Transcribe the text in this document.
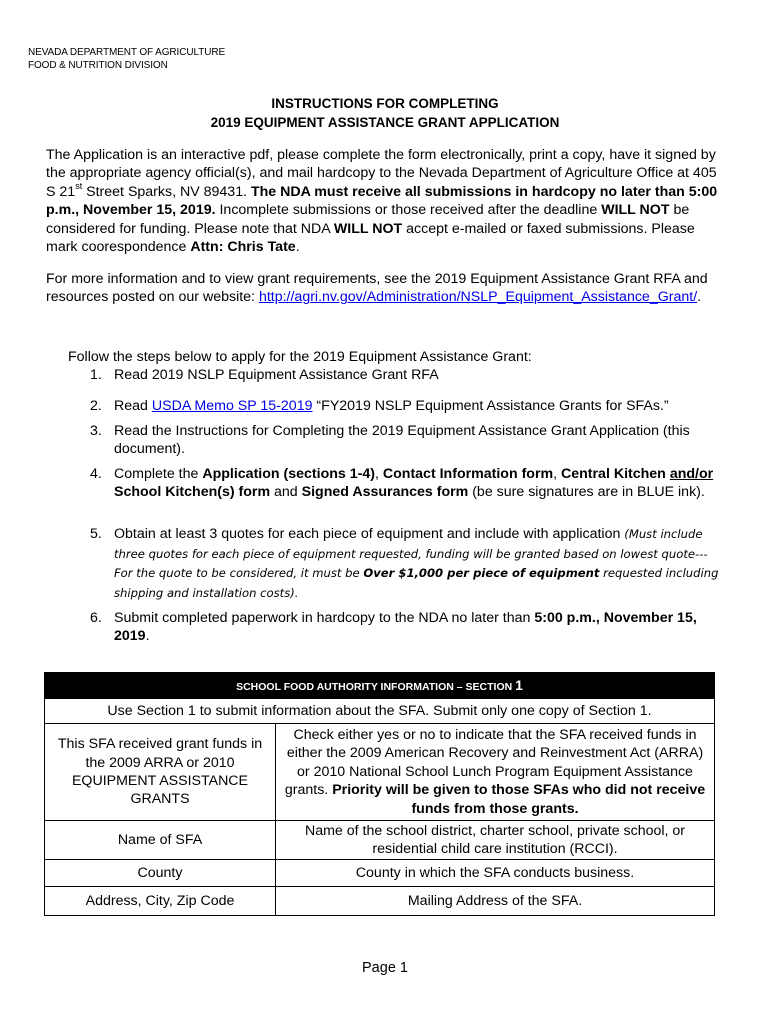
NEVADA DEPARTMENT OF AGRICULTURE
FOOD & NUTRITION DIVISION
INSTRUCTIONS FOR COMPLETING
2019 EQUIPMENT ASSISTANCE GRANT APPLICATION
The Application is an interactive pdf, please complete the form electronically, print a copy, have it signed by the appropriate agency official(s), and mail hardcopy to the Nevada Department of Agriculture Office at 405 S 21st Street Sparks, NV 89431. The NDA must receive all submissions in hardcopy no later than 5:00 p.m., November 15, 2019. Incomplete submissions or those received after the deadline WILL NOT be considered for funding. Please note that NDA WILL NOT accept e-mailed or faxed submissions. Please mark coorespondence Attn: Chris Tate.
For more information and to view grant requirements, see the 2019 Equipment Assistance Grant RFA and resources posted on our website: http://agri.nv.gov/Administration/NSLP_Equipment_Assistance_Grant/.
Follow the steps below to apply for the 2019 Equipment Assistance Grant:
1. Read 2019 NSLP Equipment Assistance Grant RFA
2. Read USDA Memo SP 15-2019 “FY2019 NSLP Equipment Assistance Grants for SFAs.”
3. Read the Instructions for Completing the 2019 Equipment Assistance Grant Application (this document).
4. Complete the Application (sections 1-4), Contact Information form, Central Kitchen and/or School Kitchen(s) form and Signed Assurances form (be sure signatures are in BLUE ink).
5. Obtain at least 3 quotes for each piece of equipment and include with application (Must include three quotes for each piece of equipment requested, funding will be granted based on lowest quote--- For the quote to be considered, it must be Over $1,000 per piece of equipment requested including shipping and installation costs).
6. Submit completed paperwork in hardcopy to the NDA no later than 5:00 p.m., November 15, 2019.
SCHOOL FOOD AUTHORITY INFORMATION – SECTION 1
Use Section 1 to submit information about the SFA. Submit only one copy of Section 1.	
This SFA received grant funds in the 2009 ARRA or 2010 EQUIPMENT ASSISTANCE GRANTS	Check either yes or no to indicate that the SFA received funds in either the 2009 American Recovery and Reinvestment Act (ARRA) or 2010 National School Lunch Program Equipment Assistance grants. Priority will be given to those SFAs who did not receive funds from those grants.
Name of SFA	Name of the school district, charter school, private school, or residential child care institution (RCCI).
County	County in which the SFA conducts business.
Address, City, Zip Code	Mailing Address of the SFA.
Page 1
